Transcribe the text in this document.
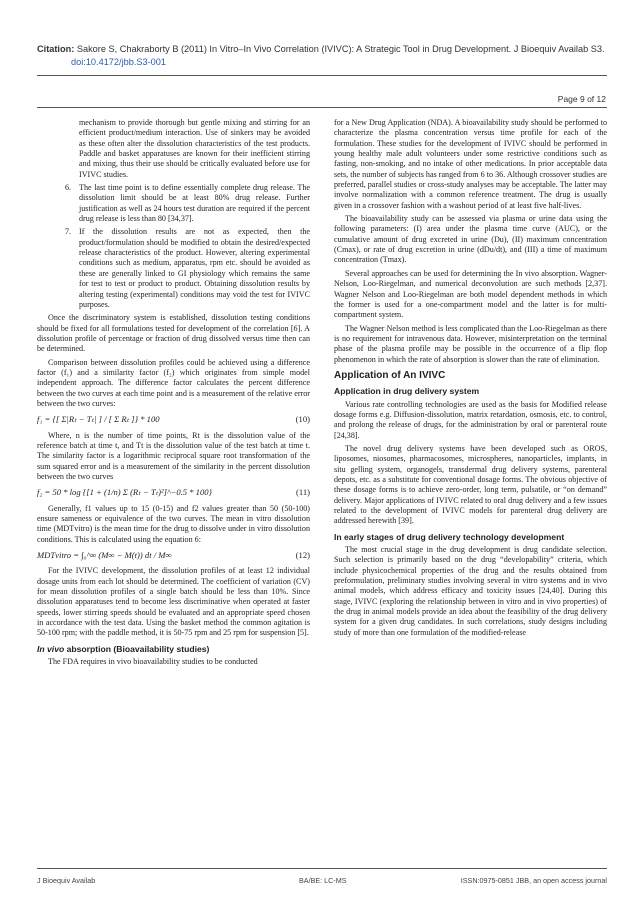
Citation: Sakore S, Chakraborty B (2011) In Vitro–In Vivo Correlation (IVIVC): A Strategic Tool in Drug Development. J Bioequiv Availab S3.
doi:10.4172/jbb.S3-001
Page 9 of 12
mechanism to provide thorough but gentle mixing and stirring for an efficient product/medium interaction. Use of sinkers may be avoided as these often alter the dissolution characteristics of the test products. Paddle and basket apparatuses are known for their inefficient stirring and mixing, thus their use should be critically evaluated before use for IVIVC studies.
6. The last time point is to define essentially complete drug release. The dissolution limit should be at least 80% drug release. Further justification as well as 24 hours test duration are required if the percent drug release is less than 80 [34,37].
7. If the dissolution results are not as expected, then the product/formulation should be modified to obtain the desired/expected release characteristics of the product. However, altering experimental conditions such as medium, apparatus, rpm etc. should be avoided as these are generally linked to GI physiology which remains the same for test to test or product to product. Obtaining dissolution results by altering testing (experimental) conditions may void the test for IVIVC purposes.

Once the discriminatory system is established, dissolution testing conditions should be fixed for all formulations tested for development of the correlation [6]. A dissolution profile of percentage or fraction of drug dissolved versus time then can be determined.

Comparison between dissolution profiles could be achieved using a difference factor (f₁) and a similarity factor (f₂) which originates from simple model independent approach. The difference factor calculates the percent difference between the two curves at each time point and is a measurement of the relative error between the two curves:

f₁ = {[ Σ|Rₜ − Tₜ| ] / [ Σ Rₜ ]} * 100	(10)

Where, n is the number of time points, Rt is the dissolution value of the reference batch at time t, and Tt is the dissolution value of the test batch at time t. The similarity factor is a logarithmic reciprocal square root transformation of the sum squared error and is a measurement of the similarity in the percent dissolution between the two curves

f₂ = 50 * log {[1 + (1/n) Σ (Rₜ − Tₜ)²]^−0.5 * 100}	(11)

Generally, f1 values up to 15 (0-15) and f2 values greater than 50 (50-100) ensure sameness or equivalence of the two curves. The mean in vitro dissolution time (MDTvitro) is the mean time for the drug to dissolve under in vitro dissolution conditions. This is calculated using the equation 6:

MDTvitro = ∫₀^∞ (M∞ − M(t)) dt / M∞	(12)

For the IVIVC development, the dissolution profiles of at least 12 individual dosage units from each lot should be determined. The coefficient of variation (CV) for mean dissolution profiles of a single batch should be less than 10%. Since dissolution apparatuses tend to become less discriminative when operated at faster speeds, lower stirring speeds should be evaluated and an appropriate speed chosen in accordance with the test data. Using the basket method the common agitation is 50-100 rpm; with the paddle method, it is 50-75 rpm and 25 rpm for suspension [5].

In vivo absorption (Bioavailability studies)

The FDA requires in vivo bioavailability studies to be conducted

for a New Drug Application (NDA). A bioavailability study should be performed to characterize the plasma concentration versus time profile for each of the formulation. These studies for the development of IVIVC should be performed in young healthy male adult volunteers under some restrictive conditions such as fasting, non-smoking, and no intake of other medications. In prior acceptable data sets, the number of subjects has ranged from 6 to 36. Although crossover studies are preferred, parallel studies or cross-study analyses may be acceptable. The latter may involve normalization with a common reference treatment. The drug is usually given in a crossover fashion with a washout period of at least five half-lives.

The bioavailability study can be assessed via plasma or urine data using the following parameters: (I) area under the plasma time curve (AUC), or the cumulative amount of drug excreted in urine (Du), (II) maximum concentration (Cmax), or rate of drug excretion in urine (dDu/dt), and (III) a time of maximum concentration (Tmax).

Several approaches can be used for determining the In vivo absorption. Wagner-Nelson, Loo-Riegelman, and numerical deconvolution are such methods [2,37]. Wagner Nelson and Loo-Riegelman are both model dependent methods in which the former is used for a one-compartment model and the latter is for multi-compartment system.

The Wagner Nelson method is less complicated than the Loo-Riegelman as there is no requirement for intravenous data. However, misinterpretation on the terminal phase of the plasma profile may be possible in the occurrence of a flip flop phenomenon in which the rate of absorption is slower than the rate of elimination.

Application of An IVIVC
Application in drug delivery system

Various rate controlling technologies are used as the basis for Modified release dosage forms e.g. Diffusion-dissolution, matrix retardation, osmosis, etc. to control, and prolong the release of drugs, for the administration by oral or parenteral route [24,38].

The novel drug delivery systems have been developed such as OROS, liposomes, niosomes, pharmacosomes, microspheres, nanoparticles, implants, in situ gelling system, organogels, transdermal drug delivery systems, parenteral depots, etc. as a substitute for conventional dosage forms. The obvious objective of these dosage forms is to achieve zero-order, long term, pulsatile, or “on demand” delivery. Major applications of IVIVC related to oral drug delivery and a few issues related to the development of IVIVC models for parenteral drug delivery are addressed herewith [39].

In early stages of drug delivery technology development

The most crucial stage in the drug development is drug candidate selection. Such selection is primarily based on the drug “developability” criteria, which include physicochemical properties of the drug and the results obtained from preformulation, preliminary studies involving several in vitro systems and in vivo animal models, which address efficacy and toxicity issues [24,40]. During this stage, IVIVC (exploring the relationship between in vitro and in vivo properties) of the drug in animal models provide an idea about the feasibility of the drug delivery system for a given drug candidates. In such correlations, study designs including study of more than one formulation of the modified-release

J Bioequiv Availab	BA/BE: LC-MS	ISSN:0975-0851 JBB, an open access journal
